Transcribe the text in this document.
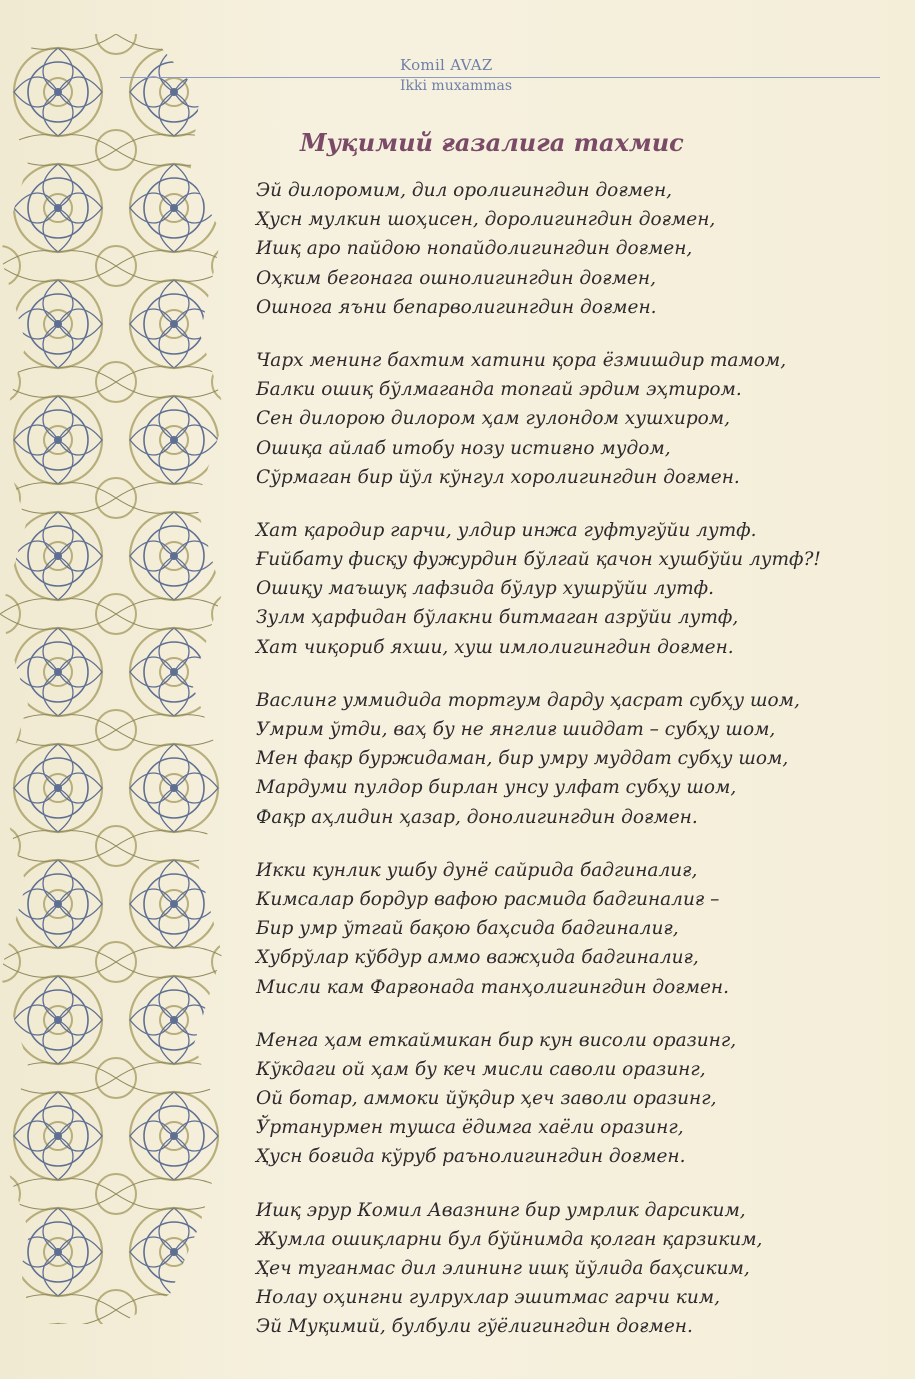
Komil AVAZ
Ikki muxammas
Муқимий ғазалига тахмис
Эй дилоромим, дил оролигингдин доғмен,
Ҳусн мулкин шоҳисен, доролигингдин доғмен,
Ишқ аро пайдою нопайдолигингдин доғмен,
Оҳким бегонага ошнолигингдин доғмен,
Ошнога яъни бепарволигингдин доғмен.
Чарх менинг бахтим хатини қора ёзмишдир тамом,
Балки ошиқ бўлмаганда топгай эрдим эҳтиром.
Сен дилорою дилором ҳам гулондом хушхиром,
Ошиқа айлаб итобу нозу истиғно мудом,
Сўрмаган бир йўл кўнгул хоролигингдин доғмен.
Хат қародир гарчи, улдир инжа гуфтугўйи лутф.
Ғийбату фисқу фужурдин бўлгай қачон хушбўйи лутф?!
Ошиқу маъшуқ лафзида бўлур хушрўйи лутф.
Зулм ҳарфидан бўлакни битмаган азрўйи лутф,
Хат чиқориб яхши, хуш имлолигингдин доғмен.
Васлинг уммидида тортгум дарду ҳасрат субҳу шом,
Умрим ўтди, ваҳ бу не янглиғ шиддат – субҳу шом,
Мен фақр буржидаман, бир умру муддат субҳу шом,
Мардуми пулдор бирлан унсу улфат субҳу шом,
Фақр аҳлидин ҳазар, донолигингдин доғмен.
Икки кунлик ушбу дунё сайрида бадгиналиғ,
Кимсалар бордур вафою расмида бадгиналиғ –
Бир умр ўтгай бақою баҳсида бадгиналиғ,
Хубрўлар кўбдур аммо важҳида бадгиналиғ,
Мисли кам Фарғонада танҳолигингдин доғмен.
Менга ҳам еткаймикан бир кун висоли оразинг,
Кўкдаги ой ҳам бу кеч мисли саволи оразинг,
Ой ботар, аммоки йўқдир ҳеч заволи оразинг,
Ўртанурмен тушса ёдимга хаёли оразинг,
Ҳусн боғида кўруб раънолигингдин доғмен.
Ишқ эрур Комил Авазнинг бир умрлик дарсиким,
Жумла ошиқларни бул бўйнимда қолган қарзиким,
Ҳеч туганмас дил элининг ишқ йўлида баҳсиким,
Нолау оҳингни гулрухлар эшитмас гарчи ким,
Эй Муқимий, булбули гўёлигингдин доғмен.
